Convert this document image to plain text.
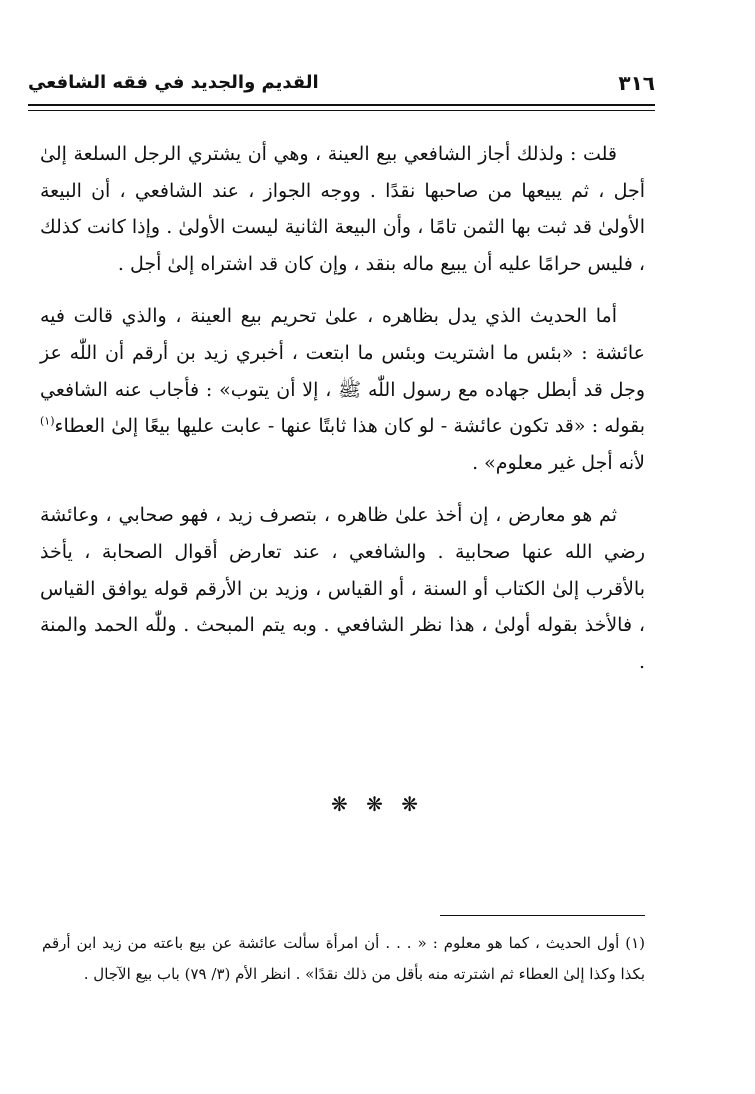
٣١٦
القديم والجديد في فقه الشافعي

قلت : ولذلك أجاز الشافعي بيع العينة ، وهي أن يشتري الرجل السلعة إلىٰ أجل ، ثم يبيعها من صاحبها نقدًا . ووجه الجواز ، عند الشافعي ، أن البيعة الأولىٰ قد ثبت بها الثمن تامًا ، وأن البيعة الثانية ليست الأولىٰ . وإذا كانت كذلك ، فليس حرامًا عليه أن يبيع ماله بنقد ، وإن كان قد اشتراه إلىٰ أجل .

أما الحديث الذي يدل بظاهره ، علىٰ تحريم بيع العينة ، والذي قالت فيه عائشة : «بئس ما اشتريت وبئس ما ابتعت ، أخبري زيد بن أرقم أن اللّٰه عز وجل قد أبطل جهاده مع رسول اللّٰه ﷺ ، إلا أن يتوب» : فأجاب عنه الشافعي بقوله : «قد تكون عائشة - لو كان هذا ثابتًا عنها - عابت عليها بيعًا إلىٰ العطاء$^{(١)}$ لأنه أجل غير معلوم» .

ثم هو معارض ، إن أخذ علىٰ ظاهره ، بتصرف زيد ، فهو صحابي ، وعائشة رضي الله عنها صحابية . والشافعي ، عند تعارض أقوال الصحابة ، يأخذ بالأقرب إلىٰ الكتاب أو السنة ، أو القياس ، وزيد بن الأرقم قوله يوافق القياس ، فالأخذ بقوله أولىٰ ، هذا نظر الشافعي . وبه يتم المبحث . وللّٰه الحمد والمنة .

❋ ❋ ❋

(١) أول الحديث ، كما هو معلوم : « . . . أن امرأة سألت عائشة عن بيع باعته من زيد ابن أرقم بكذا وكذا إلىٰ العطاء ثم اشترته منه بأقل من ذلك نقدًا» . انظر الأم (٣/ ٧٩) باب بيع الآجال .
